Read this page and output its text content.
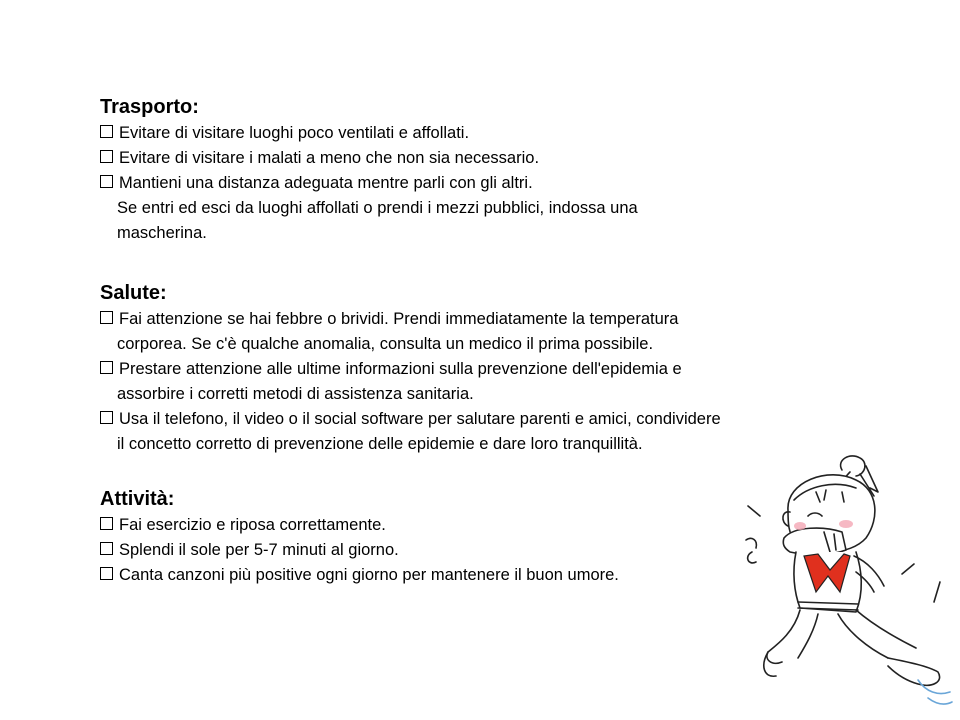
Trasporto:
Evitare di visitare luoghi poco ventilati e affollati.
Evitare di visitare i malati a meno che non sia necessario.
Mantieni una distanza adeguata mentre parli con gli altri.
Se entri ed esci da luoghi affollati o prendi i mezzi pubblici, indossa una
mascherina.
Salute:
Fai attenzione se hai febbre o brividi. Prendi immediatamente la temperatura
corporea. Se c'è qualche anomalia, consulta un medico il prima possibile.
Prestare attenzione alle ultime informazioni sulla prevenzione dell'epidemia e
assorbire i corretti metodi di assistenza sanitaria.
Usa il telefono, il video o il social software per salutare parenti e amici, condividere
il concetto corretto di prevenzione delle epidemie e dare loro tranquillità.
Attività:
Fai esercizio e riposa correttamente.
Splendi il sole per 5-7 minuti al giorno.
Canta canzoni più positive ogni giorno per mantenere il buon umore.
